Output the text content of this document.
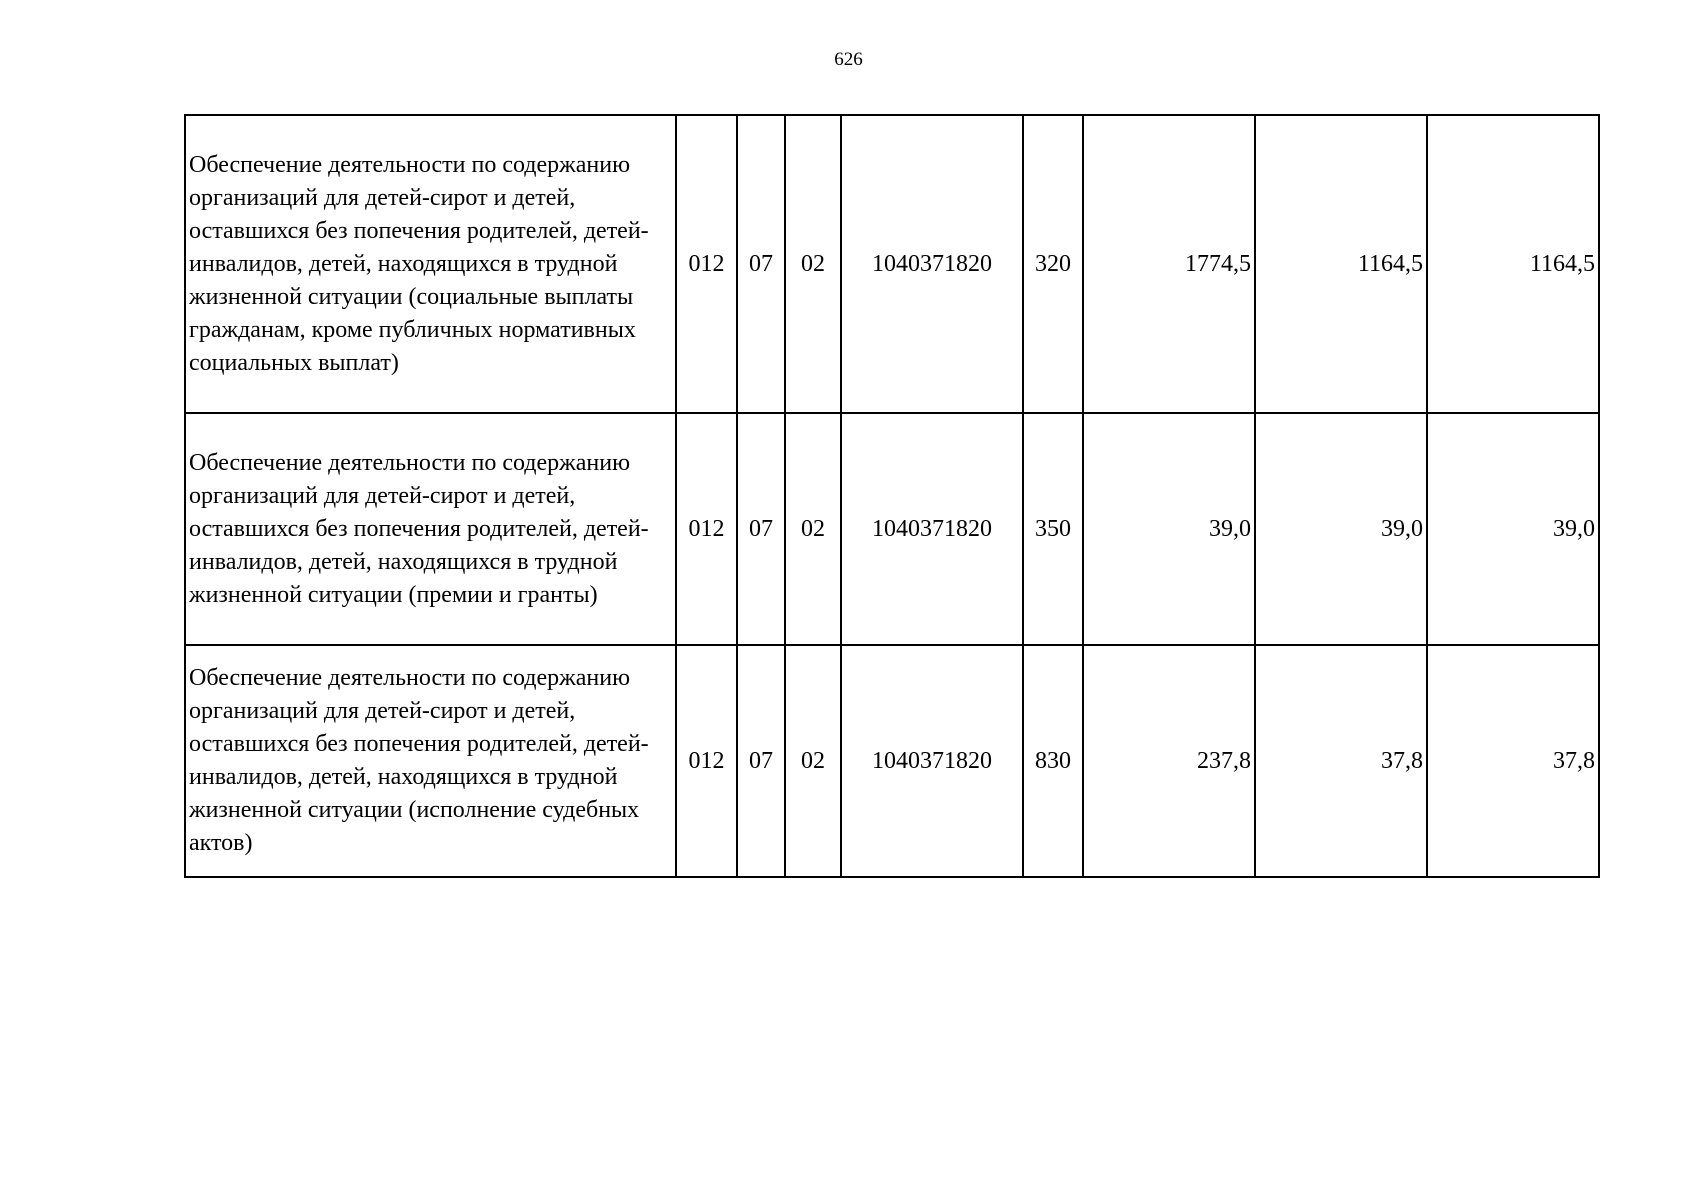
626
Обеспечение деятельности по содержанию организаций для детей-сирот и детей, оставшихся без попечения родителей, детей-инвалидов, детей, находящихся в трудной жизненной ситуации (социальные выплаты гражданам, кроме публичных нормативных социальных выплат)	012	07	02	1040371820	320	1774,5	1164,5	1164,5
Обеспечение деятельности по содержанию организаций для детей-сирот и детей, оставшихся без попечения родителей, детей-инвалидов, детей, находящихся в трудной жизненной ситуации (премии и гранты)	012	07	02	1040371820	350	39,0	39,0	39,0
Обеспечение деятельности по содержанию организаций для детей-сирот и детей, оставшихся без попечения родителей, детей-инвалидов, детей, находящихся в трудной жизненной ситуации (исполнение судебных актов)	012	07	02	1040371820	830	237,8	37,8	37,8
